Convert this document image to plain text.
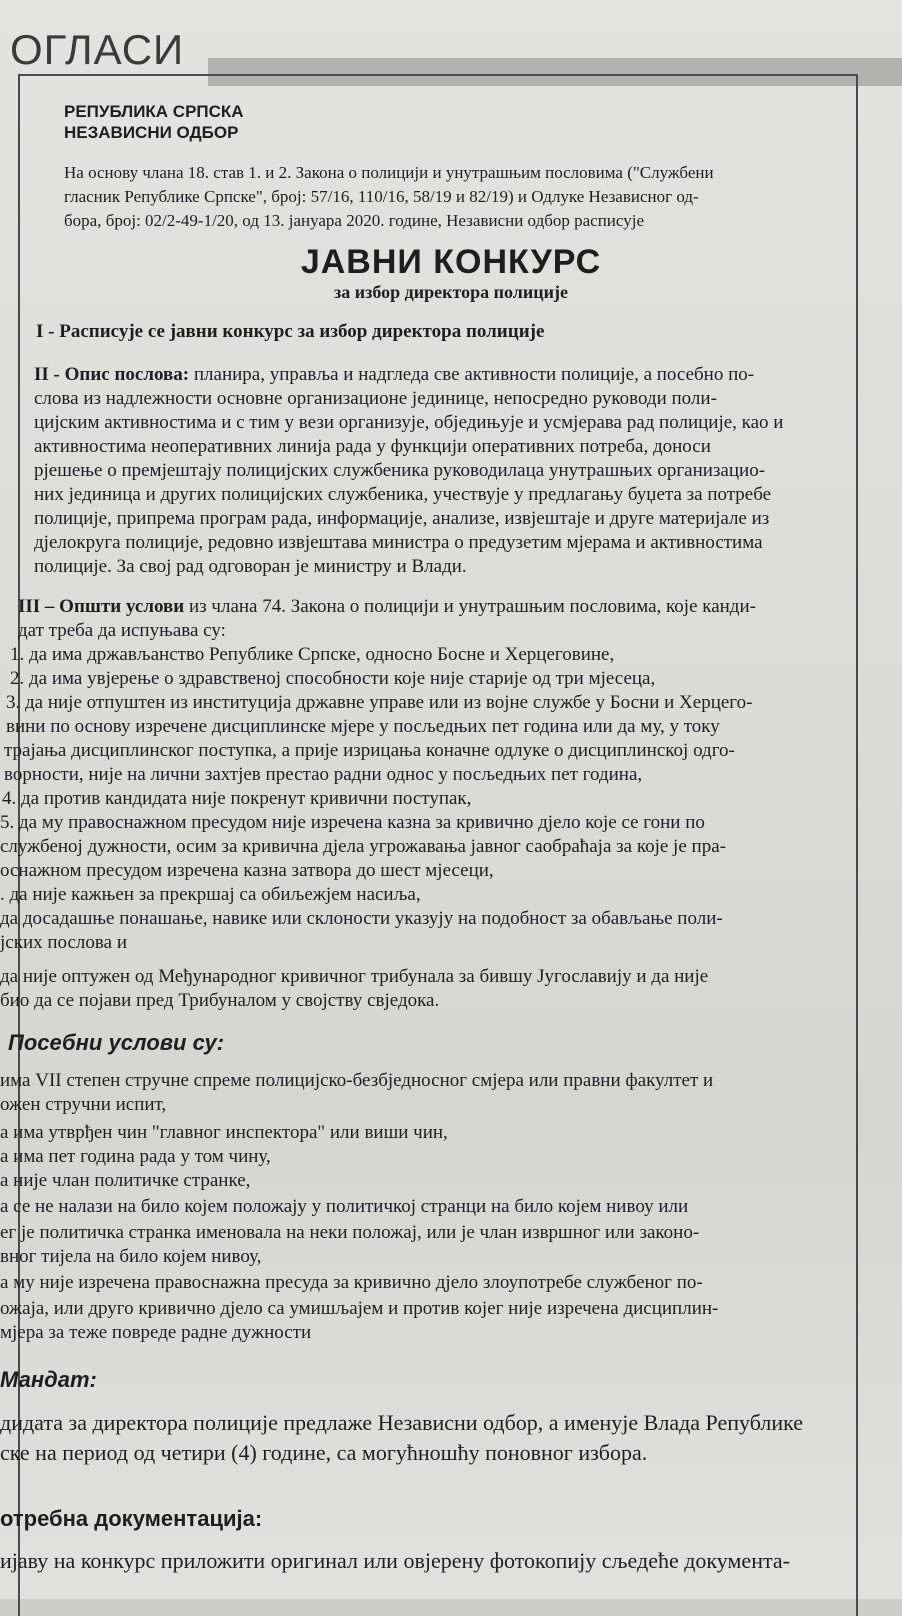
ОГЛАСИ
РЕПУБЛИКА СРПСКА
НЕЗАВИСНИ ОДБОР
На основу члана 18. став 1. и 2. Закона о полицији и унутрашњим пословима ("Службени
гласник Републике Српске", број: 57/16, 110/16, 58/19 и 82/19) и Одлуке Независног од-
бора, број: 02/2-49-1/20, од 13. јануара 2020. године, Независни одбор расписује
ЈАВНИ КОНКУРС
за избор директора полиције
I - Расписује се јавни конкурс за избор директора полиције
II - Опис послова: планира, управља и надгледа све активности полиције, а посебно по-
слова из надлежности основне организационе јединице, непосредно руководи поли-
цијским активностима и с тим у вези организује, обједињује и усмјерава рад полиције, као и
активностима неоперативних линија рада у функцији оперативних потреба, доноси
рјешење о премјештају полицијских службеника руководилаца унутрашњих организацио-
них јединица и других полицијских службеника, учествује у предлагању буџета за потребе
полиције, припрема програм рада, информације, анализе, извјештаје и друге материјале из
дјелокруга полиције, редовно извјештава министра о предузетим мјерама и активностима
полиције. За свој рад одговоран је министру и Влади.
III – Општи услови из члана 74. Закона о полицији и унутрашњим пословима, које канди-
дат треба да испуњава су:
1. да има држављанство Републике Српске, односно Босне и Херцеговине,
2. да има увјерење о здравственој способности које није старије од три мјесеца,
3. да није отпуштен из институција државне управе или из војне службе у Босни и Херцего-
вини по основу изречене дисциплинске мјере у посљедњих пет година или да му, у току
трајања дисциплинског поступка, а прије изрицања коначне одлуке о дисциплинској одго-
ворности, није на лични захтјев престао радни однос у посљедњих пет година,
4. да против кандидата није покренут кривични поступак,
5. да му правоснажном пресудом није изречена казна за кривично дјело које се гони по
службеној дужности, осим за кривична дјела угрожавања јавног саобраћаја за које је пра-
оснажном пресудом изречена казна затвора до шест мјесеци,
. да није кажњен за прекршај са обиљежјем насиља,
да досадашње понашање, навике или склоности указују на подобност за обављање поли-
јских послова и
да није оптужен од Међународног кривичног трибунала за бившу Југославију и да није
био да се појави пред Трибуналом у својству свједока.
Посебни услови су:
има VII степен стручне спреме полицијско-безбједносног смјера или правни факултет и
ожен стручни испит,
а има утврђен чин "главног инспектора" или виши чин,
а има пет година рада у том чину,
а није члан политичке странке,
а се не налази на било којем положају у политичкој странци на било којем нивоу или
ег је политичка странка именовала на неки положај, или је члан извршног или законо-
вног тијела на било којем нивоу,
а му није изречена правоснажна пресуда за кривично дјело злоупотребе службеног по-
ожаја, или друго кривично дјело са умишљајем и против којег није изречена дисциплин-
мјера за теже повреде радне дужности
Мандат:
дидата за директора полиције предлаже Независни одбор, а именује Влада Републике
ске на период од четири (4) године, са могућношћу поновног избора.
отребна документација:
ијаву на конкурс приложити оригинал или овјерену фотокопију сљедеће документа-
